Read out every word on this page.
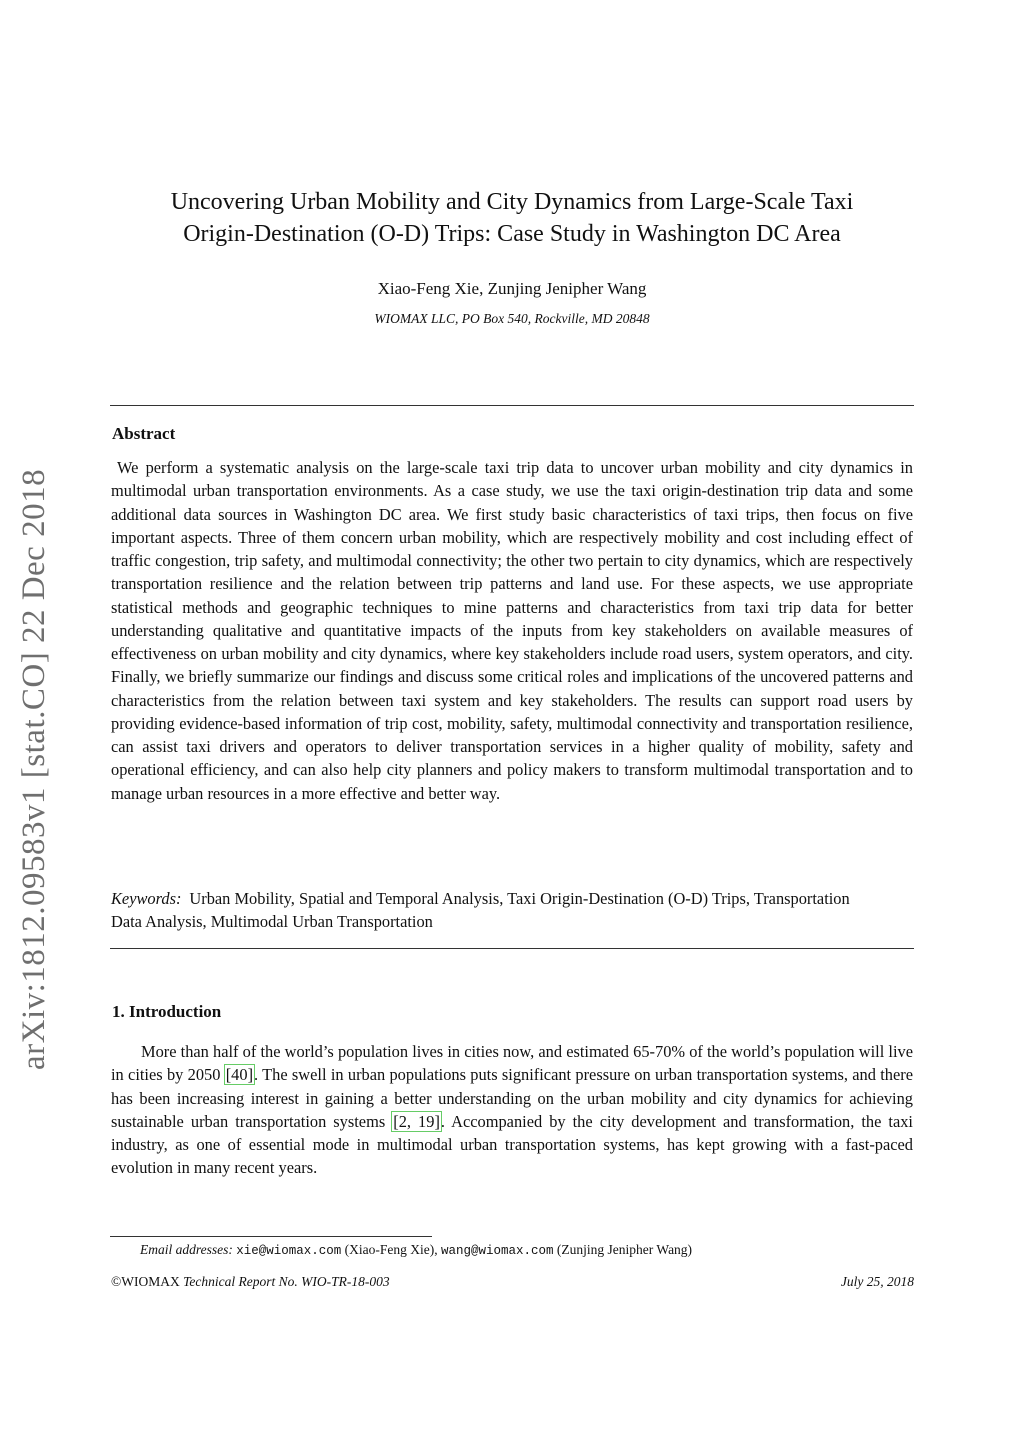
arXiv:1812.09583v1 [stat.CO] 22 Dec 2018
Uncovering Urban Mobility and City Dynamics from Large-Scale Taxi
Origin-Destination (O-D) Trips: Case Study in Washington DC Area
Xiao-Feng Xie, Zunjing Jenipher Wang
WIOMAX LLC, PO Box 540, Rockville, MD 20848
Abstract

We perform a systematic analysis on the large-scale taxi trip data to uncover urban mobility and city dynamics in multimodal urban transportation environments. As a case study, we use the taxi origin-destination trip data and some additional data sources in Washington DC area. We first study basic characteristics of taxi trips, then focus on five important aspects. Three of them concern urban mobility, which are respectively mobility and cost including effect of traffic congestion, trip safety, and multimodal connectivity; the other two pertain to city dynamics, which are respectively transportation resilience and the relation between trip patterns and land use. For these aspects, we use appropriate statistical methods and geographic techniques to mine patterns and characteristics from taxi trip data for better understanding qualitative and quantitative impacts of the inputs from key stakeholders on available measures of effectiveness on urban mobility and city dynamics, where key stakeholders include road users, system operators, and city. Finally, we briefly summarize our findings and discuss some critical roles and implications of the uncovered patterns and characteristics from the relation between taxi system and key stakeholders. The results can support road users by providing evidence-based information of trip cost, mobility, safety, multimodal connectivity and transportation resilience, can assist taxi drivers and operators to deliver transportation services in a higher quality of mobility, safety and operational efficiency, and can also help city planners and policy makers to transform multimodal transportation and to manage urban resources in a more effective and better way.

Keywords: Urban Mobility, Spatial and Temporal Analysis, Taxi Origin-Destination (O-D) Trips, Transportation Data Analysis, Multimodal Urban Transportation

1. Introduction

More than half of the world’s population lives in cities now, and estimated 65-70% of the world’s population will live in cities by 2050 [40]. The swell in urban populations puts significant pressure on urban transportation systems, and there has been increasing interest in gaining a better understanding on the urban mobility and city dynamics for achieving sustainable urban transportation systems [2, 19]. Accompanied by the city development and transformation, the taxi industry, as one of essential mode in multimodal urban transportation systems, has kept growing with a fast-paced evolution in many recent years.

Email addresses: xie@wiomax.com (Xiao-Feng Xie), wang@wiomax.com (Zunjing Jenipher Wang)
©WIOMAX Technical Report No. WIO-TR-18-003	July 25, 2018
